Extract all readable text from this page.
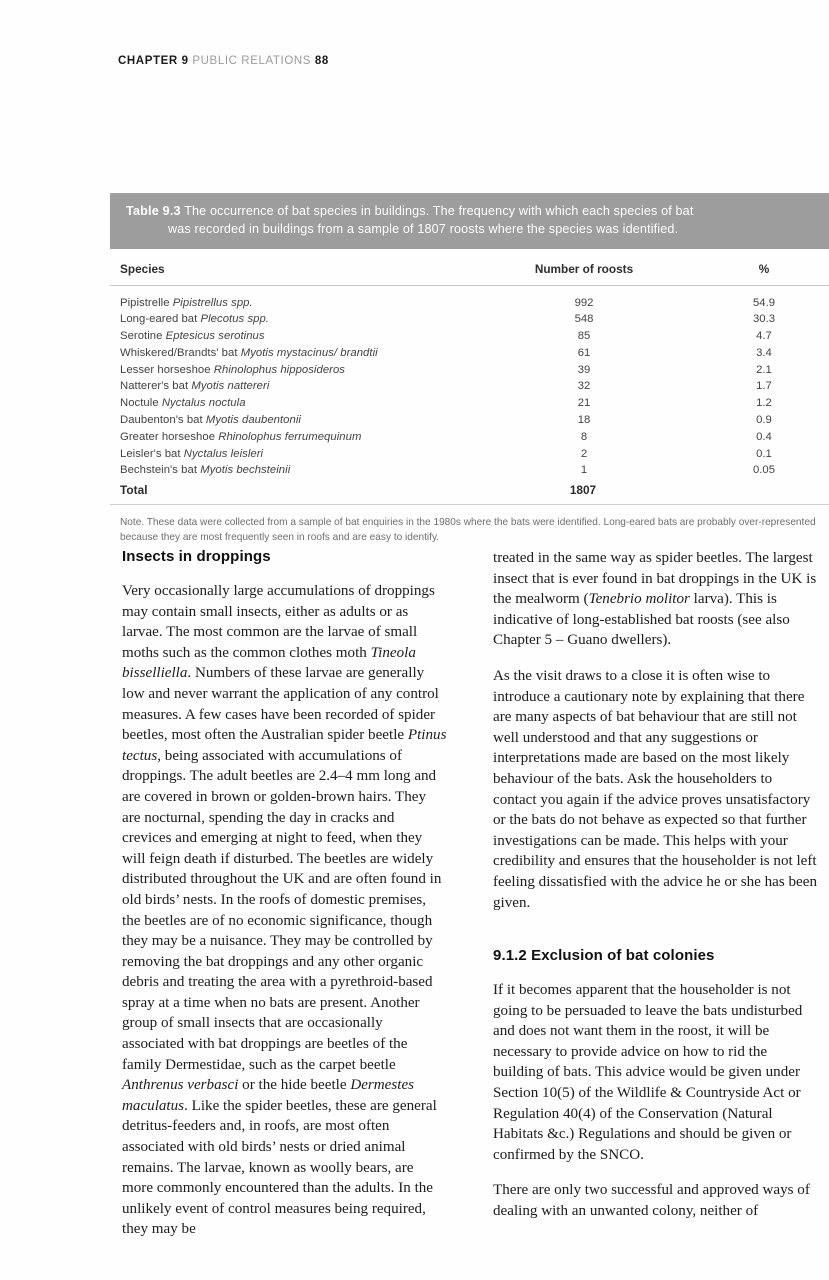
CHAPTER 9 PUBLIC RELATIONS 88
Table 9.3 The occurrence of bat species in buildings. The frequency with which each species of bat
was recorded in buildings from a sample of 1807 roosts where the species was identified.
Species	Number of roosts	%
Pipistrelle Pipistrellus spp.	992	54.9
Long-eared bat Plecotus spp.	548	30.3
Serotine Eptesicus serotinus	85	4.7
Whiskered/Brandts' bat Myotis mystacinus/ brandtii	61	3.4
Lesser horseshoe Rhinolophus hipposideros	39	2.1
Natterer's bat Myotis nattereri	32	1.7
Noctule Nyctalus noctula	21	1.2
Daubenton's bat Myotis daubentonii	18	0.9
Greater horseshoe Rhinolophus ferrumequinum	8	0.4
Leisler's bat Nyctalus leisleri	2	0.1
Bechstein's bat Myotis bechsteinii	1	0.05
Total	1807	
Note. These data were collected from a sample of bat enquiries in the 1980s where the bats were identified. Long-eared bats are probably over-represented because they are most frequently seen in roofs and are easy to identify.
Insects in droppings

Very occasionally large accumulations of droppings may contain small insects, either as adults or as larvae. The most common are the larvae of small moths such as the common clothes moth Tineola bisselliella. Numbers of these larvae are generally low and never warrant the application of any control measures. A few cases have been recorded of spider beetles, most often the Australian spider beetle Ptinus tectus, being associated with accumulations of droppings. The adult beetles are 2.4–4 mm long and are covered in brown or golden-brown hairs. They are nocturnal, spending the day in cracks and crevices and emerging at night to feed, when they will feign death if disturbed. The beetles are widely distributed throughout the UK and are often found in old birds’ nests. In the roofs of domestic premises, the beetles are of no economic significance, though they may be a nuisance. They may be controlled by removing the bat droppings and any other organic debris and treating the area with a pyrethroid-based spray at a time when no bats are present. Another group of small insects that are occasionally associated with bat droppings are beetles of the family Dermestidae, such as the carpet beetle Anthrenus verbasci or the hide beetle Dermestes maculatus. Like the spider beetles, these are general detritus-feeders and, in roofs, are most often associated with old birds’ nests or dried animal remains. The larvae, known as woolly bears, are more commonly encountered than the adults. In the unlikely event of control measures being required, they may be

treated in the same way as spider beetles. The largest insect that is ever found in bat droppings in the UK is the mealworm (Tenebrio molitor larva). This is indicative of long-established bat roosts (see also Chapter 5 – Guano dwellers).

As the visit draws to a close it is often wise to introduce a cautionary note by explaining that there are many aspects of bat behaviour that are still not well understood and that any suggestions or interpretations made are based on the most likely behaviour of the bats. Ask the householders to contact you again if the advice proves unsatisfactory or the bats do not behave as expected so that further investigations can be made. This helps with your credibility and ensures that the householder is not left feeling dissatisfied with the advice he or she has been given.

9.1.2 Exclusion of bat colonies

If it becomes apparent that the householder is not going to be persuaded to leave the bats undisturbed and does not want them in the roost, it will be necessary to provide advice on how to rid the building of bats. This advice would be given under Section 10(5) of the Wildlife & Countryside Act or Regulation 40(4) of the Conservation (Natural Habitats &c.) Regulations and should be given or confirmed by the SNCO.

There are only two successful and approved ways of dealing with an unwanted colony, neither of
